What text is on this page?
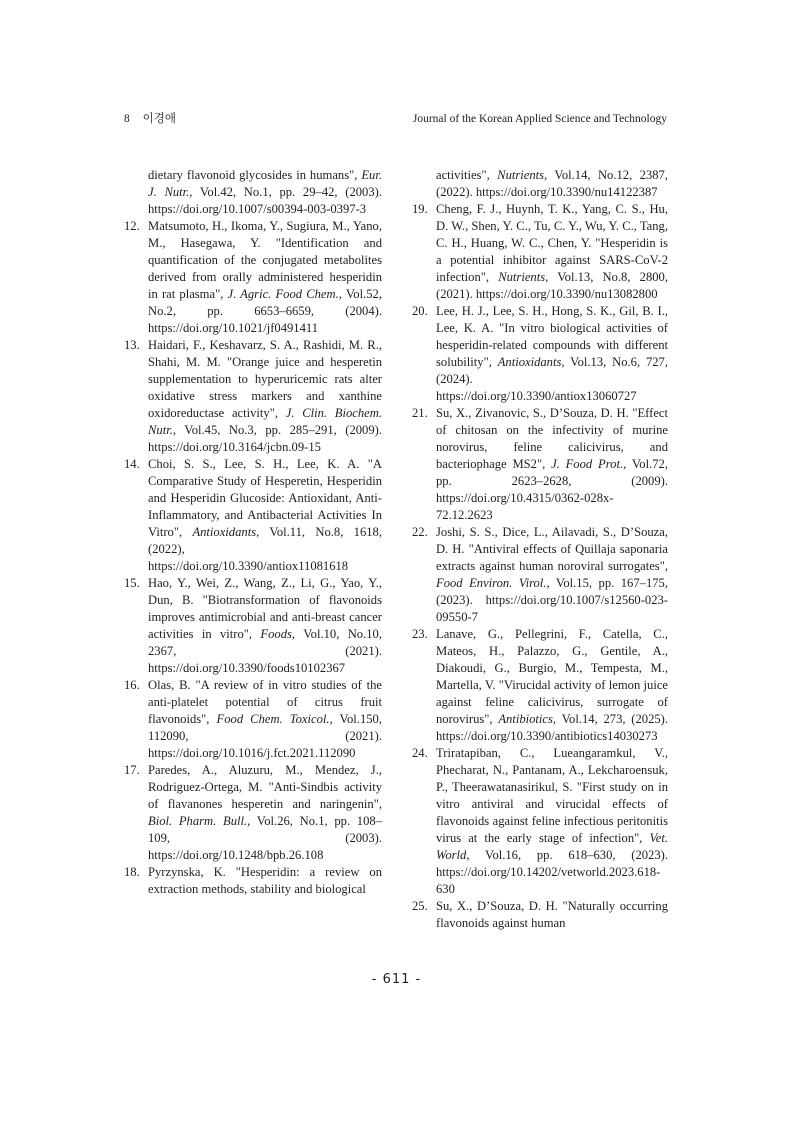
8 이경애	Journal of the Korean Applied Science and Technology
dietary flavonoid glycosides in humans", Eur. J. Nutr., Vol.42, No.1, pp. 29–42, (2003). https://doi.org/10.1007/s00394-003-0397-3
12. Matsumoto, H., Ikoma, Y., Sugiura, M., Yano, M., Hasegawa, Y. "Identification and quantification of the conjugated metabolites derived from orally administered hesperidin in rat plasma", J. Agric. Food Chem., Vol.52, No.2, pp. 6653–6659, (2004). https://doi.org/10.1021/jf0491411
13. Haidari, F., Keshavarz, S. A., Rashidi, M. R., Shahi, M. M. "Orange juice and hesperetin supplementation to hyperuricemic rats alter oxidative stress markers and xanthine oxidoreductase activity", J. Clin. Biochem. Nutr., Vol.45, No.3, pp. 285–291, (2009). https://doi.org/10.3164/jcbn.09-15
14. Choi, S. S., Lee, S. H., Lee, K. A. "A Comparative Study of Hesperetin, Hesperidin and Hesperidin Glucoside: Antioxidant, Anti-Inflammatory, and Antibacterial Activities In Vitro", Antioxidants, Vol.11, No.8, 1618, (2022), https://doi.org/10.3390/antiox11081618
15. Hao, Y., Wei, Z., Wang, Z., Li, G., Yao, Y., Dun, B. "Biotransformation of flavonoids improves antimicrobial and anti-breast cancer activities in vitro", Foods, Vol.10, No.10, 2367, (2021). https://doi.org/10.3390/foods10102367
16. Olas, B. "A review of in vitro studies of the anti-platelet potential of citrus fruit flavonoids", Food Chem. Toxicol., Vol.150, 112090, (2021). https://doi.org/10.1016/j.fct.2021.112090
17. Paredes, A., Aluzuru, M., Mendez, J., Rodriguez-Ortega, M. "Anti-Sindbis activity of flavanones hesperetin and naringenin", Biol. Pharm. Bull., Vol.26, No.1, pp. 108–109, (2003). https://doi.org/10.1248/bpb.26.108
18. Pyrzynska, K. "Hesperidin: a review on extraction methods, stability and biological
activities", Nutrients, Vol.14, No.12, 2387, (2022). https://doi.org/10.3390/nu14122387
19. Cheng, F. J., Huynh, T. K., Yang, C. S., Hu, D. W., Shen, Y. C., Tu, C. Y., Wu, Y. C., Tang, C. H., Huang, W. C., Chen, Y. "Hesperidin is a potential inhibitor against SARS-CoV-2 infection", Nutrients, Vol.13, No.8, 2800, (2021). https://doi.org/10.3390/nu13082800
20. Lee, H. J., Lee, S. H., Hong, S. K., Gil, B. I., Lee, K. A. "In vitro biological activities of hesperidin-related compounds with different solubility", Antioxidants, Vol.13, No.6, 727, (2024). https://doi.org/10.3390/antiox13060727
21. Su, X., Zivanovic, S., D’Souza, D. H. "Effect of chitosan on the infectivity of murine norovirus, feline calicivirus, and bacteriophage MS2", J. Food Prot., Vol.72, pp. 2623–2628, (2009). https://doi.org/10.4315/0362-028x-72.12.2623
22. Joshi, S. S., Dice, L., Ailavadi, S., D’Souza, D. H. "Antiviral effects of Quillaja saponaria extracts against human noroviral surrogates", Food Environ. Virol., Vol.15, pp. 167–175, (2023). https://doi.org/10.1007/s12560-023-09550-7
23. Lanave, G., Pellegrini, F., Catella, C., Mateos, H., Palazzo, G., Gentile, A., Diakoudi, G., Burgio, M., Tempesta, M., Martella, V. "Virucidal activity of lemon juice against feline calicivirus, surrogate of norovirus", Antibiotics, Vol.14, 273, (2025). https://doi.org/10.3390/antibiotics14030273
24. Triratapiban, C., Lueangaramkul, V., Phecharat, N., Pantanam, A., Lekcharoensuk, P., Theerawatanasirikul, S. "First study on in vitro antiviral and virucidal effects of flavonoids against feline infectious peritonitis virus at the early stage of infection", Vet. World, Vol.16, pp. 618–630, (2023). https://doi.org/10.14202/vetworld.2023.618-630
25. Su, X., D’Souza, D. H. "Naturally occurring flavonoids against human
- 611 -
